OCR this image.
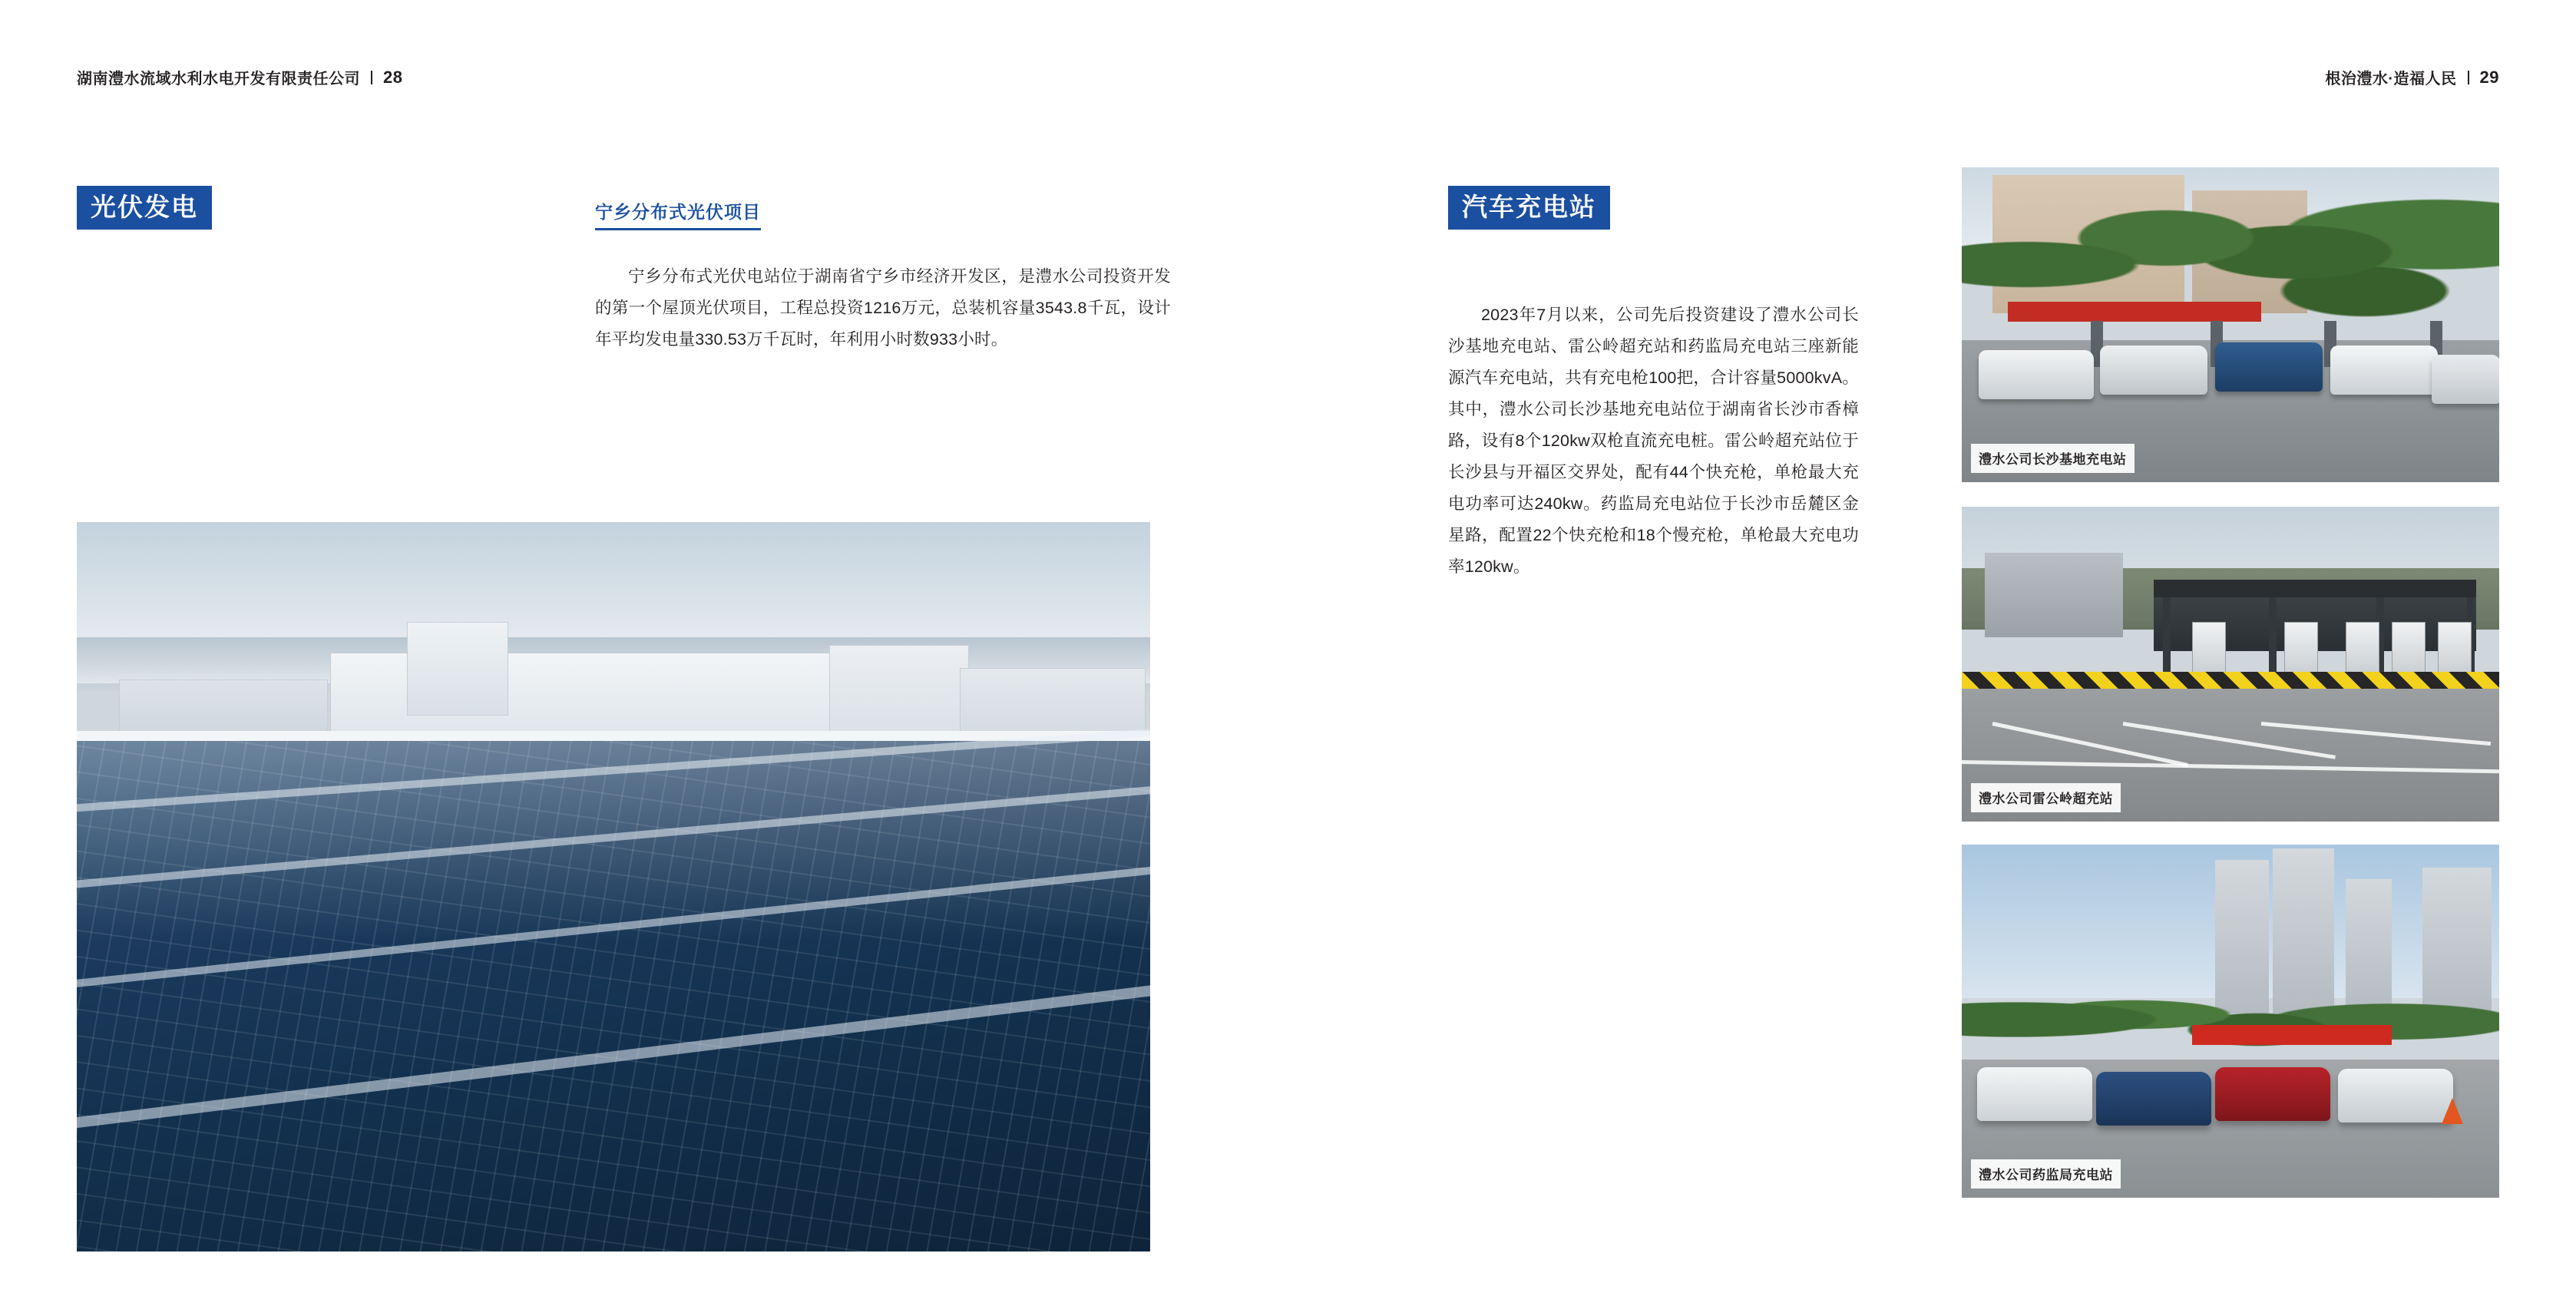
湖南澧水流域水利水电开发有限责任公司 28
光伏发电	宁乡分布式光伏项目

宁乡分布式光伏电站位于湖南省宁乡市经济开发区，是澧水公司投资开发的第一个屋顶光伏项目，工程总投资1216万元，总装机容量3543.8千瓦，设计年平均发电量330.53万千瓦时，年利用小时数933小时。

根治澧水·造福人民 29
汽车充电站

2023年7月以来，公司先后投资建设了澧水公司长沙基地充电站、雷公岭超充站和药监局充电站三座新能源汽车充电站，共有充电枪100把，合计容量5000kvA。其中，澧水公司长沙基地充电站位于湖南省长沙市香樟路，设有8个120kw双枪直流充电桩。雷公岭超充站位于长沙县与开福区交界处，配有44个快充枪，单枪最大充电功率可达240kw。药监局充电站位于长沙市岳麓区金星路，配置22个快充枪和18个慢充枪，单枪最大充电功率120kw。

澧水公司长沙基地充电站
澧水公司雷公岭超充站
澧水公司药监局充电站
